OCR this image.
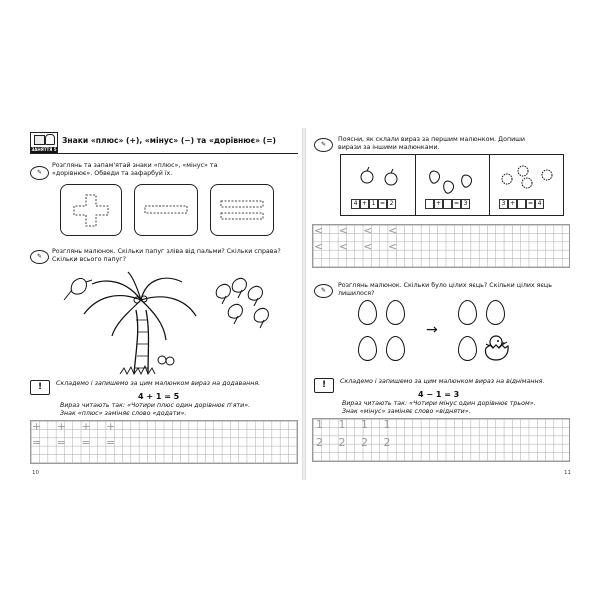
ЗАНЯТТЯ 5
Знаки «плюс» (+), «мінус» (−) та «дорівнює» (=)
✎
Розглянь та запам'ятай знаки «плюс», «мінус» та «дорівнює». Обведи та зафарбуй їх.
✎
Розглянь малюнок. Скільки папуг зліва від пальми? Скільки справа? Скільки всього папуг?
!	Складемо і запишемо за цим малюнком вираз на додавання.
4 + 1 = 5
Вираз читають так: «Чотири плюс один дорівнює п'яти».
Знак «плюс» заміняє слово «додати».
+ + + +
= = = =
10
✎
Поясни, як склали вираз за першим малюнком. Допиши вирази за іншими малюнками.
4 + 1 = 2	+ = 3	3 + = 4
< < < <
< < < <
✎
Розглянь малюнок. Скільки було цілих яєць? Скільки цілих яєць лишилося?
→
!	Складемо і запишемо за цим малюнком вираз на віднімання.
4 − 1 = 3
Вираз читають так: «Чотири мінус один дорівнює трьом».
Знак «мінус» заміняє слово «відняти».
1 1 1 1
2 2 2 2
11
